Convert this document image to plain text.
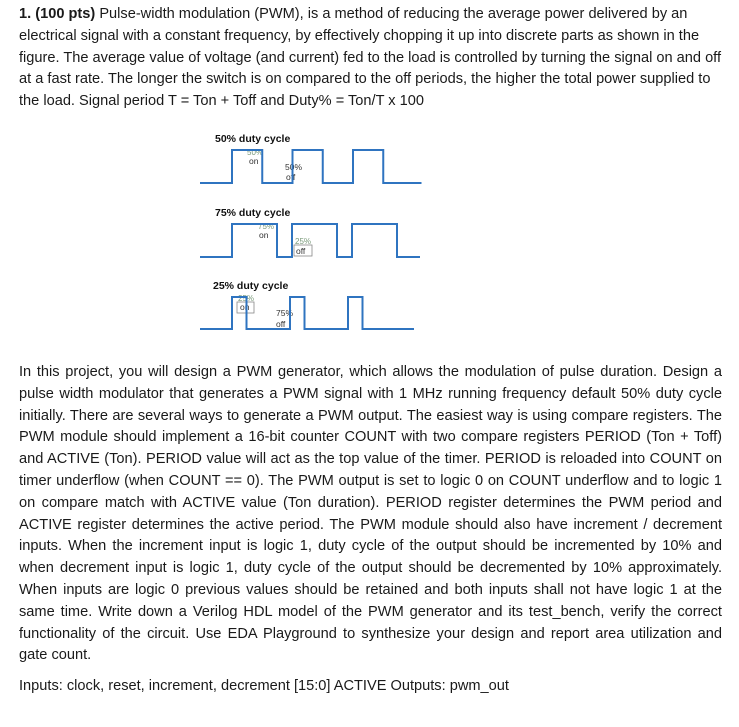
1. (100 pts) Pulse-width modulation (PWM), is a method of reducing the average power delivered by an electrical signal with a constant frequency, by effectively chopping it up into discrete parts as shown in the figure. The average value of voltage (and current) fed to the load is controlled by turning the signal on and off at a fast rate. The longer the switch is on compared to the off periods, the higher the total power supplied to the load. Signal period T = Ton + Toff and Duty% = Ton/T x 100
50% duty cycle
50%
on
50%
off
75% duty cycle
75%
on
25%
off
25% duty cycle
25%
on
75%
off
In this project, you will design a PWM generator, which allows the modulation of pulse duration. Design a pulse width modulator that generates a PWM signal with 1 MHz running frequency default 50% duty cycle initially. There are several ways to generate a PWM output. The easiest way is using compare registers. The PWM module should implement a 16-bit counter COUNT with two compare registers PERIOD (Ton + Toff) and ACTIVE (Ton). PERIOD value will act as the top value of the timer. PERIOD is reloaded into COUNT on timer underflow (when COUNT == 0). The PWM output is set to logic 0 on COUNT underflow and to logic 1 on compare match with ACTIVE value (Ton duration). PERIOD register determines the PWM period and ACTIVE register determines the active period. The PWM module should also have increment / decrement inputs. When the increment input is logic 1, duty cycle of the output should be incremented by 10% and when decrement input is logic 1, duty cycle of the output should be decremented by 10% approximately. When inputs are logic 0 previous values should be retained and both inputs shall not have logic 1 at the same time. Write down a Verilog HDL model of the PWM generator and its test_bench, verify the correct functionality of the circuit. Use EDA Playground to synthesize your design and report area utilization and gate count.
Inputs: clock, reset, increment, decrement [15:0] ACTIVE Outputs: pwm_out
